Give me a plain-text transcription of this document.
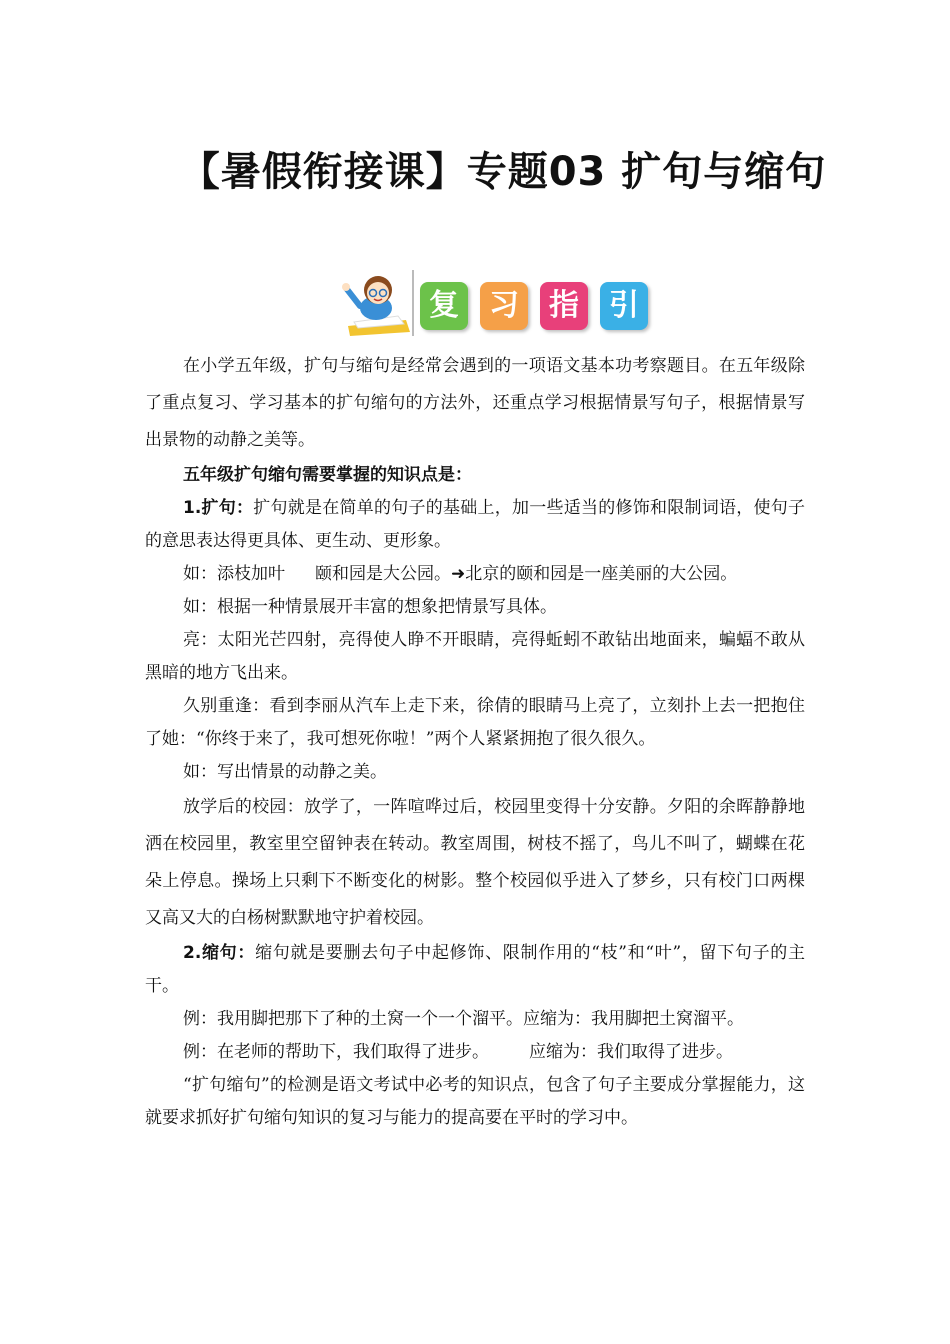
【暑假衔接课】专题03 扩句与缩句
复	习	指	引

在小学五年级，扩句与缩句是经常会遇到的一项语文基本功考察题目。在五年级除了重点复习、学习基本的扩句缩句的方法外，还重点学习根据情景写句子，根据情景写出景物的动静之美等。

五年级扩句缩句需要掌握的知识点是：

1.扩句：扩句就是在简单的句子的基础上，加一些适当的修饰和限制词语，使句子的意思表达得更具体、更生动、更形象。

如：添枝加叶 颐和园是大公园。➜北京的颐和园是一座美丽的大公园。

如：根据一种情景展开丰富的想象把情景写具体。

亮：太阳光芒四射，亮得使人睁不开眼睛，亮得蚯蚓不敢钻出地面来，蝙蝠不敢从黑暗的地方飞出来。

久别重逢：看到李丽从汽车上走下来，徐倩的眼睛马上亮了，立刻扑上去一把抱住了她：“你终于来了，我可想死你啦！”两个人紧紧拥抱了很久很久。

如：写出情景的动静之美。

放学后的校园：放学了，一阵喧哗过后，校园里变得十分安静。夕阳的余晖静静地洒在校园里，教室里空留钟表在转动。教室周围，树枝不摇了，鸟儿不叫了，蝴蝶在花朵上停息。操场上只剩下不断变化的树影。整个校园似乎进入了梦乡，只有校门口两棵又高又大的白杨树默默地守护着校园。

2.缩句：缩句就是要删去句子中起修饰、限制作用的“枝”和“叶”，留下句子的主干。

例：我用脚把那下了种的土窝一个一个溜平。应缩为：我用脚把土窝溜平。

例：在老师的帮助下，我们取得了进步。 应缩为：我们取得了进步。

“扩句缩句”的检测是语文考试中必考的知识点，包含了句子主要成分掌握能力，这就要求抓好扩句缩句知识的复习与能力的提高要在平时的学习中。
